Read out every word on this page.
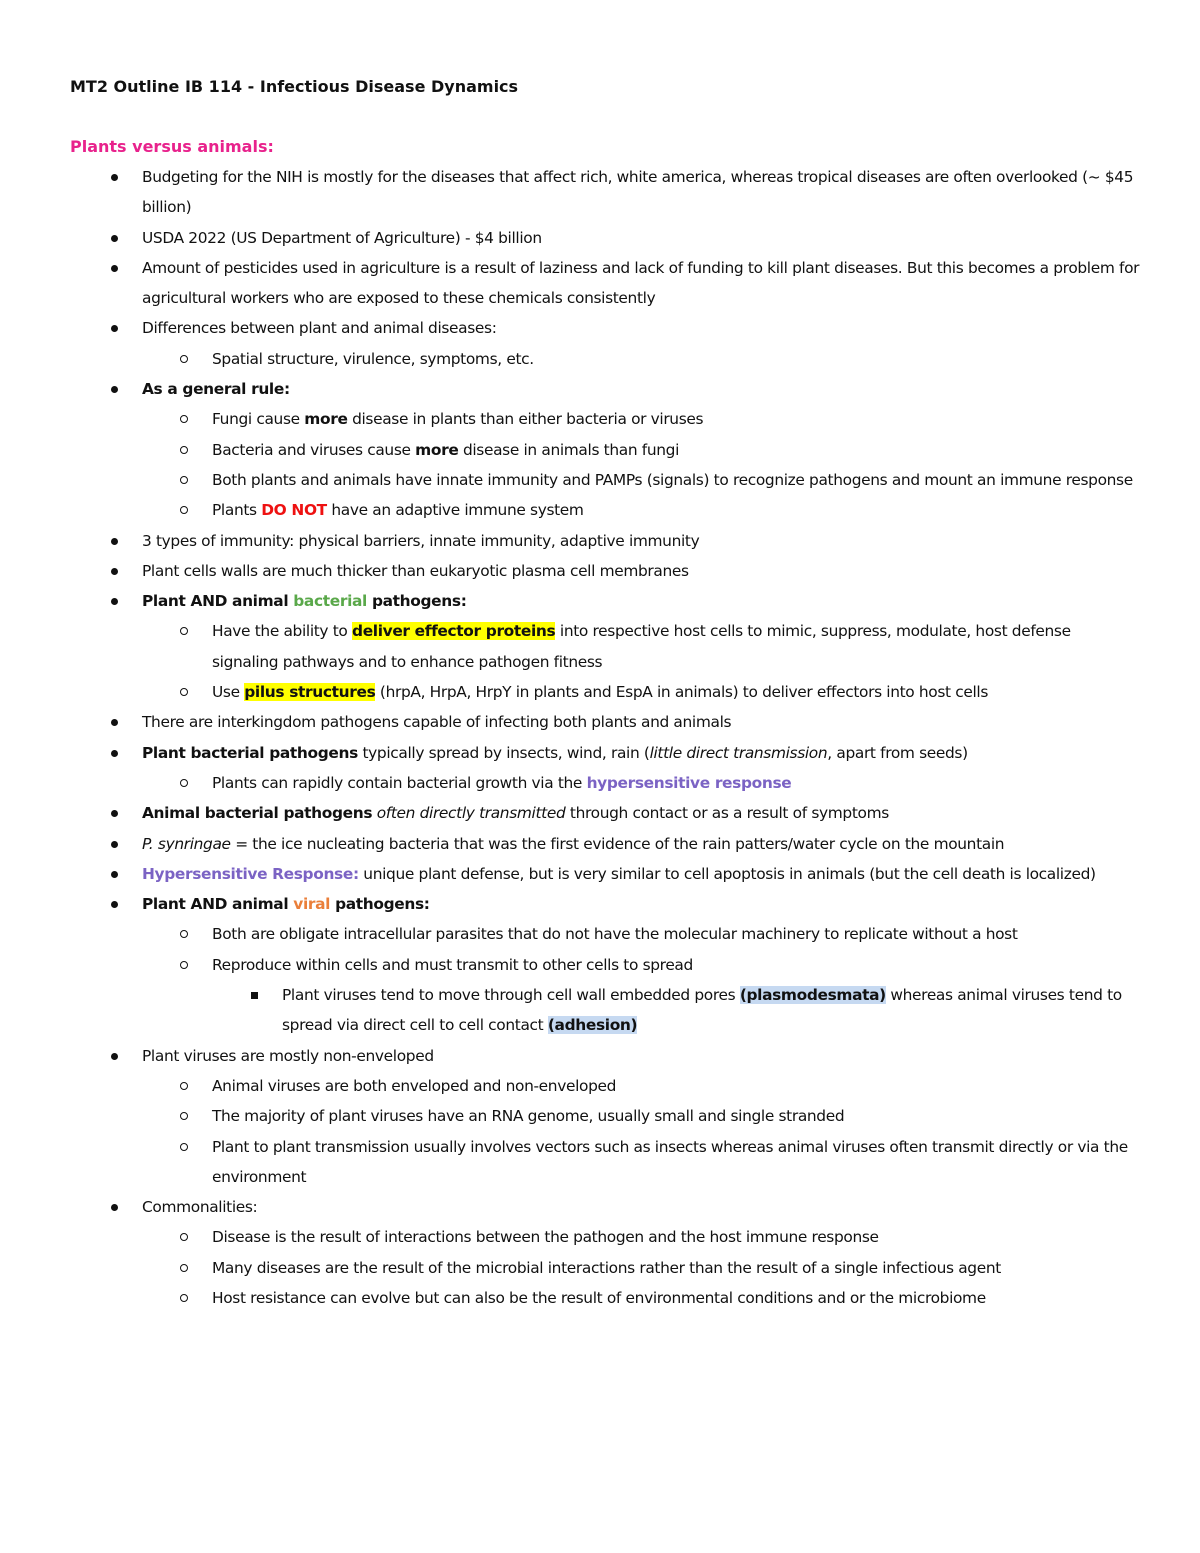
MT2 Outline IB 114 - Infectious Disease Dynamics
Plants versus animals:
Budgeting for the NIH is mostly for the diseases that affect rich, white america, whereas tropical diseases are often overlooked (~ $45 billion)
USDA 2022 (US Department of Agriculture) - $4 billion
Amount of pesticides used in agriculture is a result of laziness and lack of funding to kill plant diseases. But this becomes a problem for agricultural workers who are exposed to these chemicals consistently
Differences between plant and animal diseases:
Spatial structure, virulence, symptoms, etc.
As a general rule:
Fungi cause more disease in plants than either bacteria or viruses
Bacteria and viruses cause more disease in animals than fungi
Both plants and animals have innate immunity and PAMPs (signals) to recognize pathogens and mount an immune response
Plants DO NOT have an adaptive immune system
3 types of immunity: physical barriers, innate immunity, adaptive immunity
Plant cells walls are much thicker than eukaryotic plasma cell membranes
Plant AND animal bacterial pathogens:
Have the ability to deliver effector proteins into respective host cells to mimic, suppress, modulate, host defense signaling pathways and to enhance pathogen fitness
Use pilus structures (hrpA, HrpA, HrpY in plants and EspA in animals) to deliver effectors into host cells
There are interkingdom pathogens capable of infecting both plants and animals
Plant bacterial pathogens typically spread by insects, wind, rain (little direct transmission, apart from seeds)
Plants can rapidly contain bacterial growth via the hypersensitive response
Animal bacterial pathogens often directly transmitted through contact or as a result of symptoms
P. synringae = the ice nucleating bacteria that was the first evidence of the rain patters/water cycle on the mountain
Hypersensitive Response: unique plant defense, but is very similar to cell apoptosis in animals (but the cell death is localized)
Plant AND animal viral pathogens:
Both are obligate intracellular parasites that do not have the molecular machinery to replicate without a host
Reproduce within cells and must transmit to other cells to spread
Plant viruses tend to move through cell wall embedded pores (plasmodesmata) whereas animal viruses tend to spread via direct cell to cell contact (adhesion)
Plant viruses are mostly non-enveloped
Animal viruses are both enveloped and non-enveloped
The majority of plant viruses have an RNA genome, usually small and single stranded
Plant to plant transmission usually involves vectors such as insects whereas animal viruses often transmit directly or via the environment
Commonalities:
Disease is the result of interactions between the pathogen and the host immune response
Many diseases are the result of the microbial interactions rather than the result of a single infectious agent
Host resistance can evolve but can also be the result of environmental conditions and or the microbiome
